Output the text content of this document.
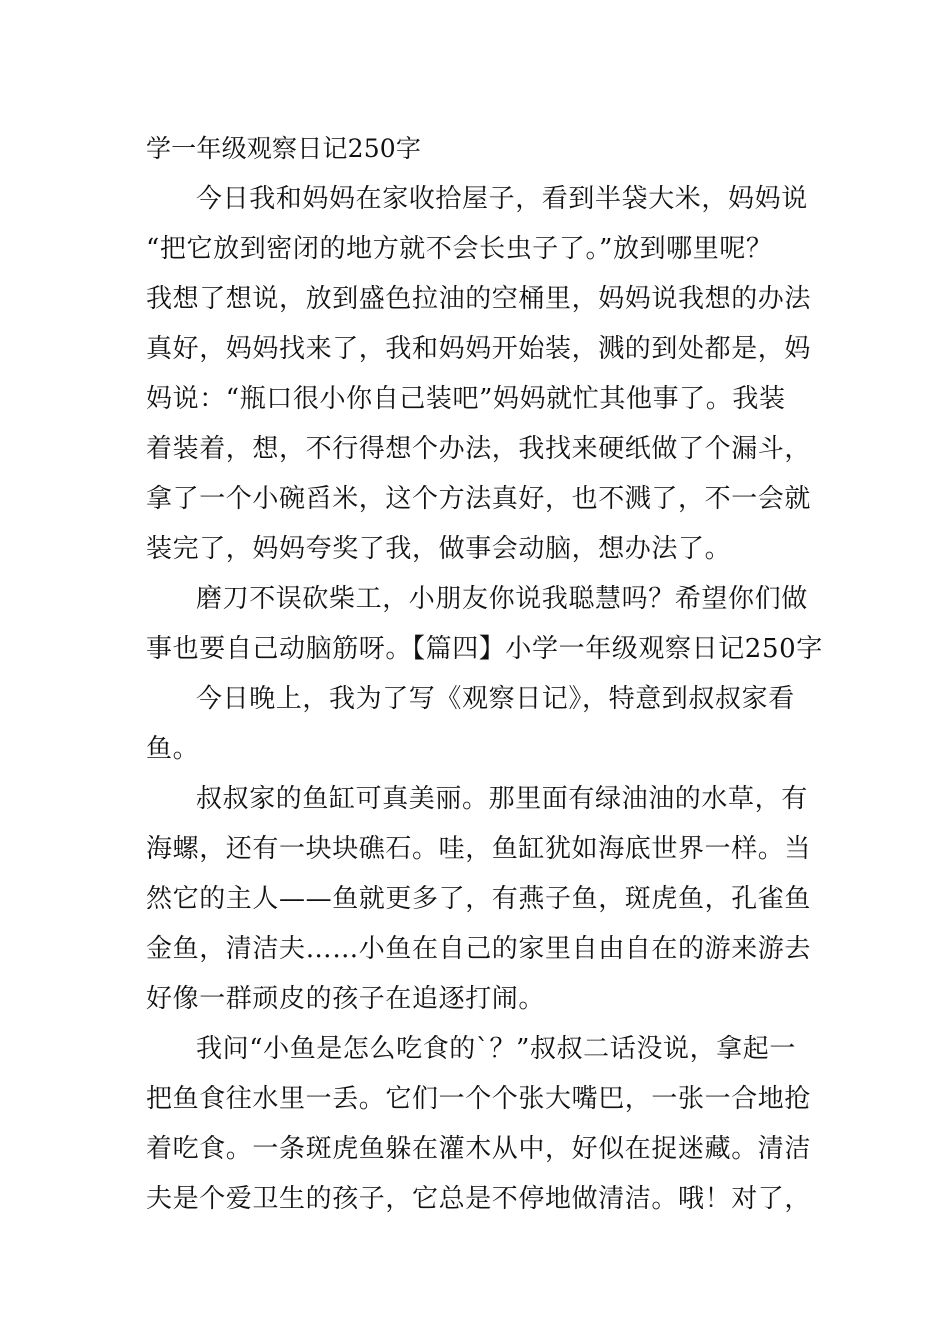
学一年级观察日记250字
今日我和妈妈在家收拾屋子，看到半袋大米，妈妈说
“把它放到密闭的地方就不会长虫子了。”放到哪里呢？
我想了想说，放到盛色拉油的空桶里，妈妈说我想的办法
真好，妈妈找来了，我和妈妈开始装，溅的到处都是，妈
妈说：“瓶口很小你自己装吧”妈妈就忙其他事了。我装
着装着，想，不行得想个办法，我找来硬纸做了个漏斗，
拿了一个小碗舀米，这个方法真好，也不溅了，不一会就
装完了，妈妈夸奖了我，做事会动脑，想办法了。
磨刀不误砍柴工，小朋友你说我聪慧吗？希望你们做
事也要自己动脑筋呀。【篇四】小学一年级观察日记250字
今日晚上，我为了写《观察日记》，特意到叔叔家看
鱼。
叔叔家的鱼缸可真美丽。那里面有绿油油的水草，有
海螺，还有一块块礁石。哇，鱼缸犹如海底世界一样。当
然它的主人——鱼就更多了，有燕子鱼，斑虎鱼，孔雀鱼
金鱼，清洁夫……小鱼在自己的家里自由自在的游来游去
好像一群顽皮的孩子在追逐打闹。
我问“小鱼是怎么吃食的`？”叔叔二话没说，拿起一
把鱼食往水里一丢。它们一个个张大嘴巴，一张一合地抢
着吃食。一条斑虎鱼躲在灌木从中，好似在捉迷藏。清洁
夫是个爱卫生的孩子，它总是不停地做清洁。哦！对了，
